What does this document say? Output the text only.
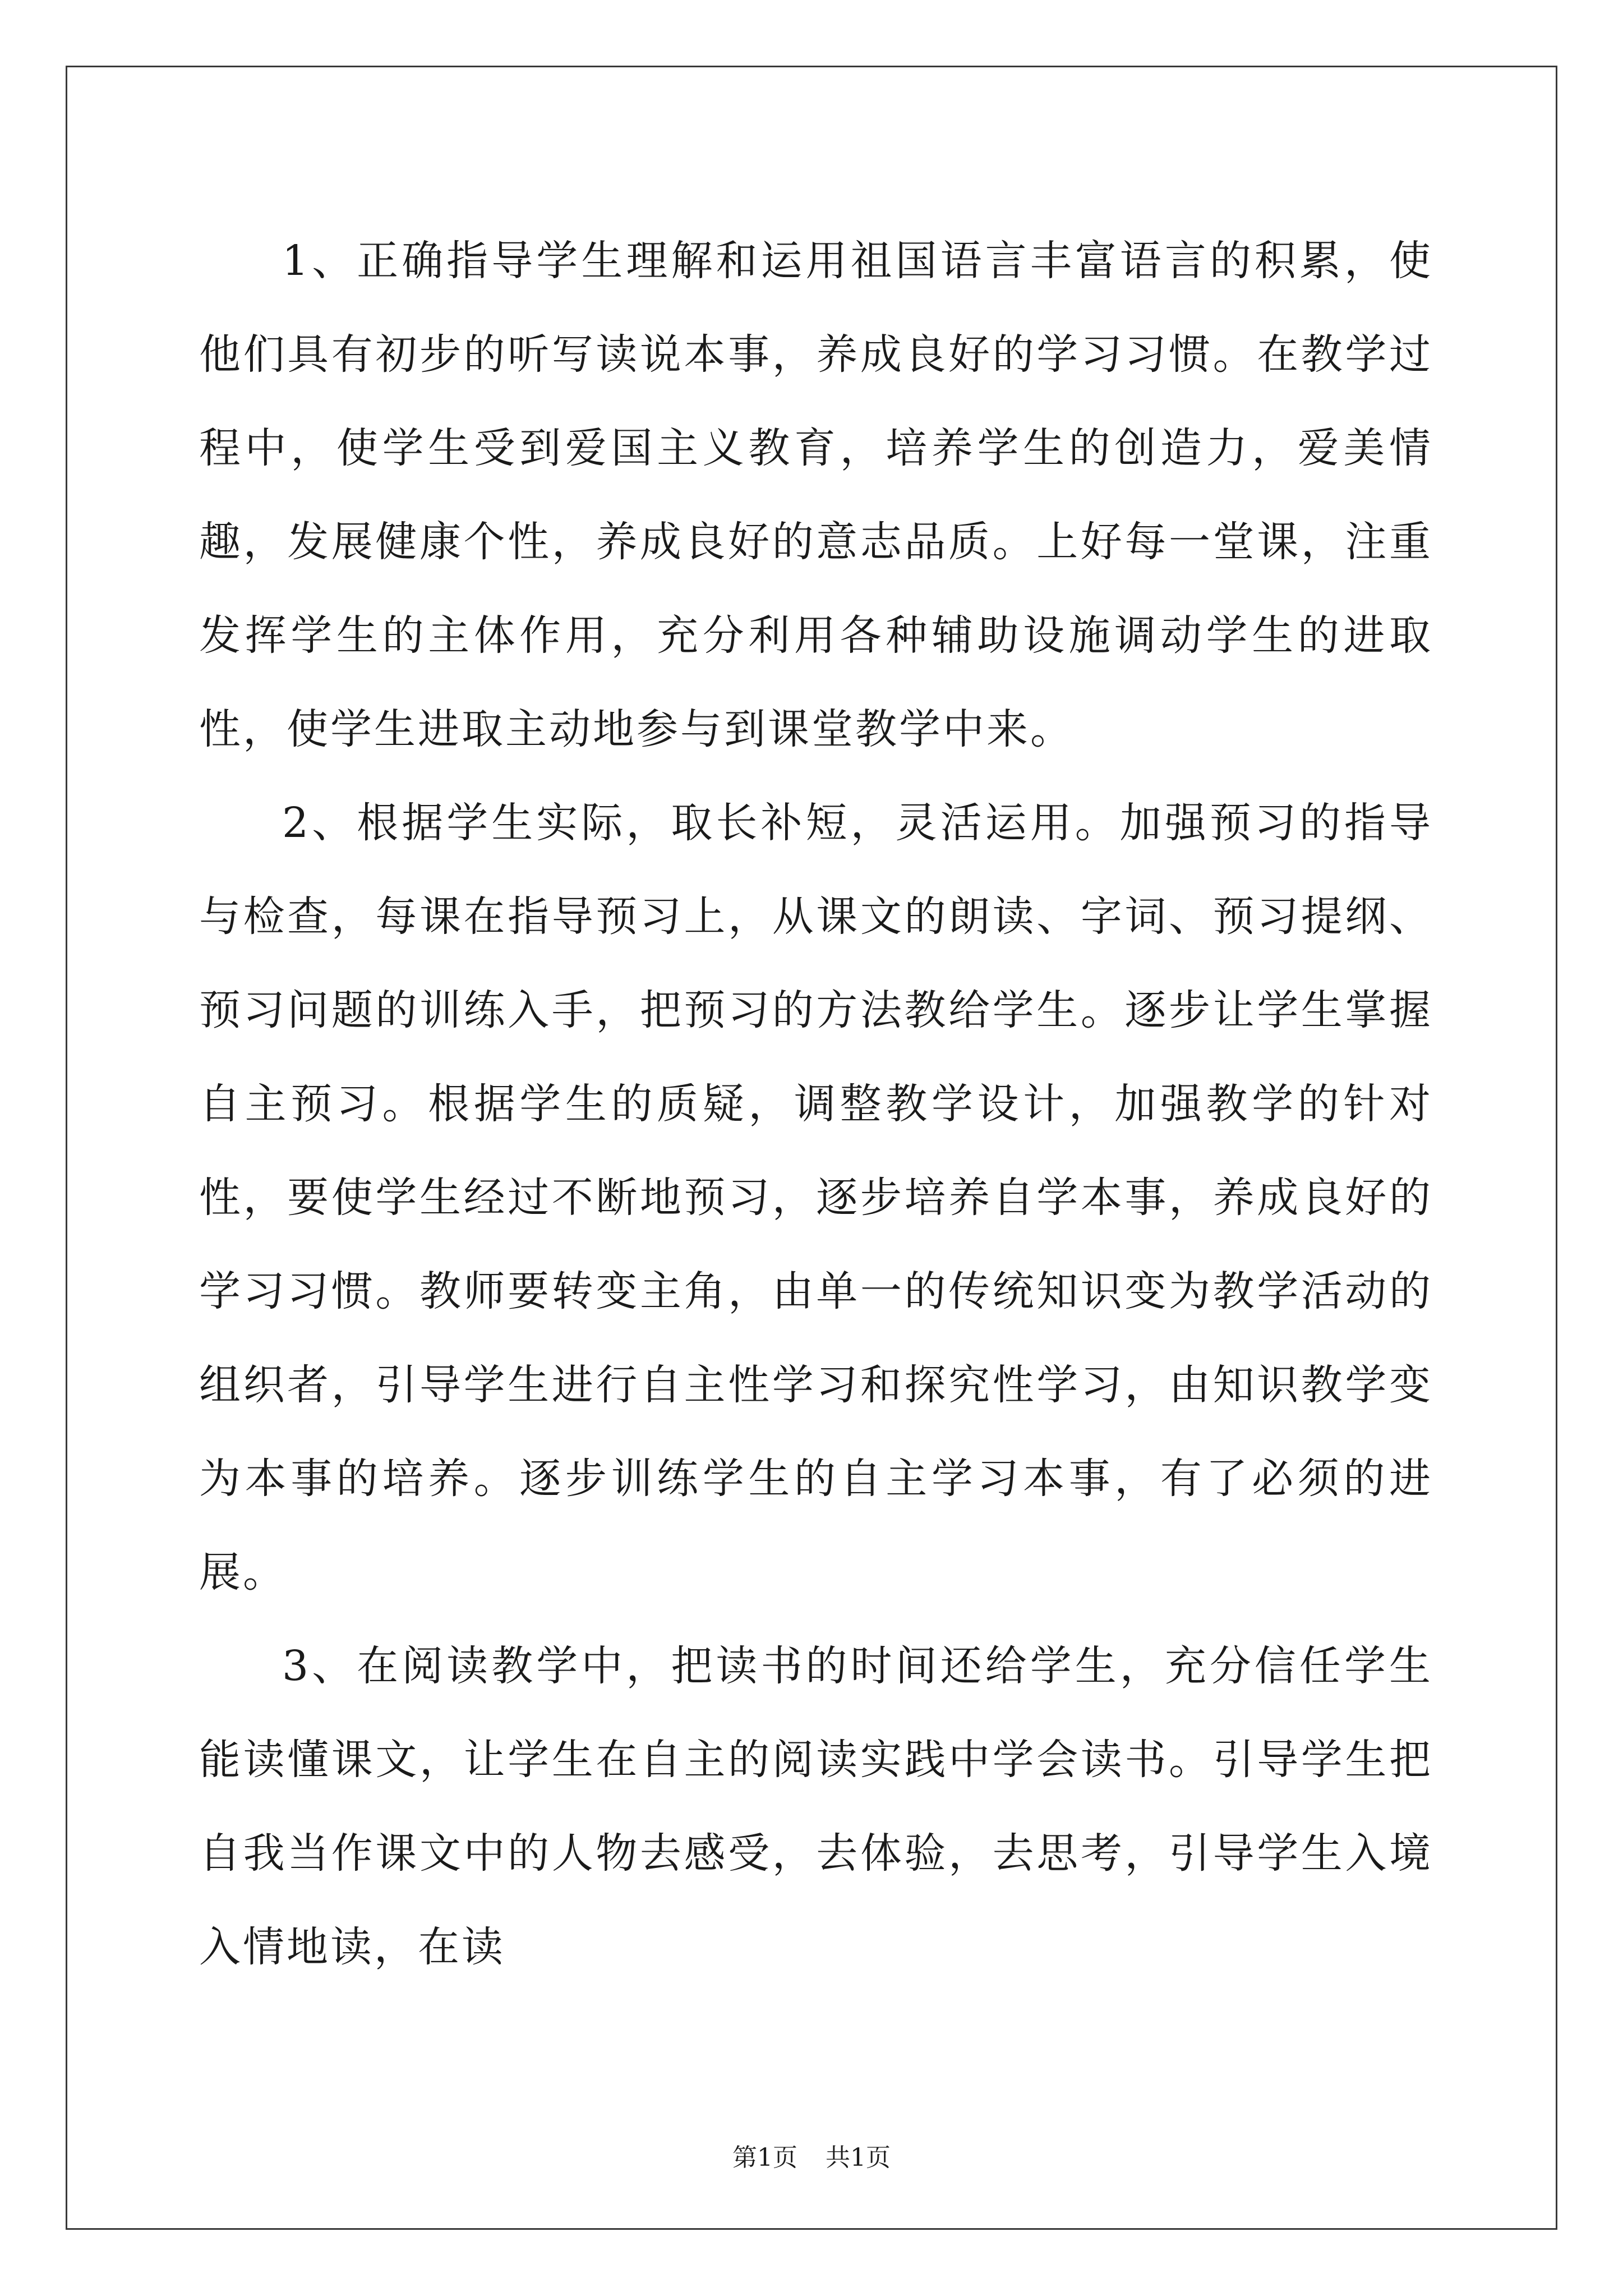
1、正确指导学生理解和运用祖国语言丰富语言的积累，使他们具有初步的听写读说本事，养成良好的学习习惯。在教学过程中，使学生受到爱国主义教育，培养学生的创造力，爱美情趣，发展健康个性，养成良好的意志品质。上好每一堂课，注重发挥学生的主体作用，充分利用各种辅助设施调动学生的进取性，使学生进取主动地参与到课堂教学中来。

2、根据学生实际，取长补短，灵活运用。加强预习的指导与检查，每课在指导预习上，从课文的朗读、字词、预习提纲、预习问题的训练入手，把预习的方法教给学生。逐步让学生掌握自主预习。根据学生的质疑，调整教学设计，加强教学的针对性，要使学生经过不断地预习，逐步培养自学本事，养成良好的学习习惯。教师要转变主角，由单一的传统知识变为教学活动的组织者，引导学生进行自主性学习和探究性学习，由知识教学变为本事的培养。逐步训练学生的自主学习本事，有了必须的进展。

3、在阅读教学中，把读书的时间还给学生，充分信任学生能读懂课文，让学生在自主的阅读实践中学会读书。引导学生把自我当作课文中的人物去感受，去体验，去思考，引导学生入境入情地读，在读

第1页 共1页
